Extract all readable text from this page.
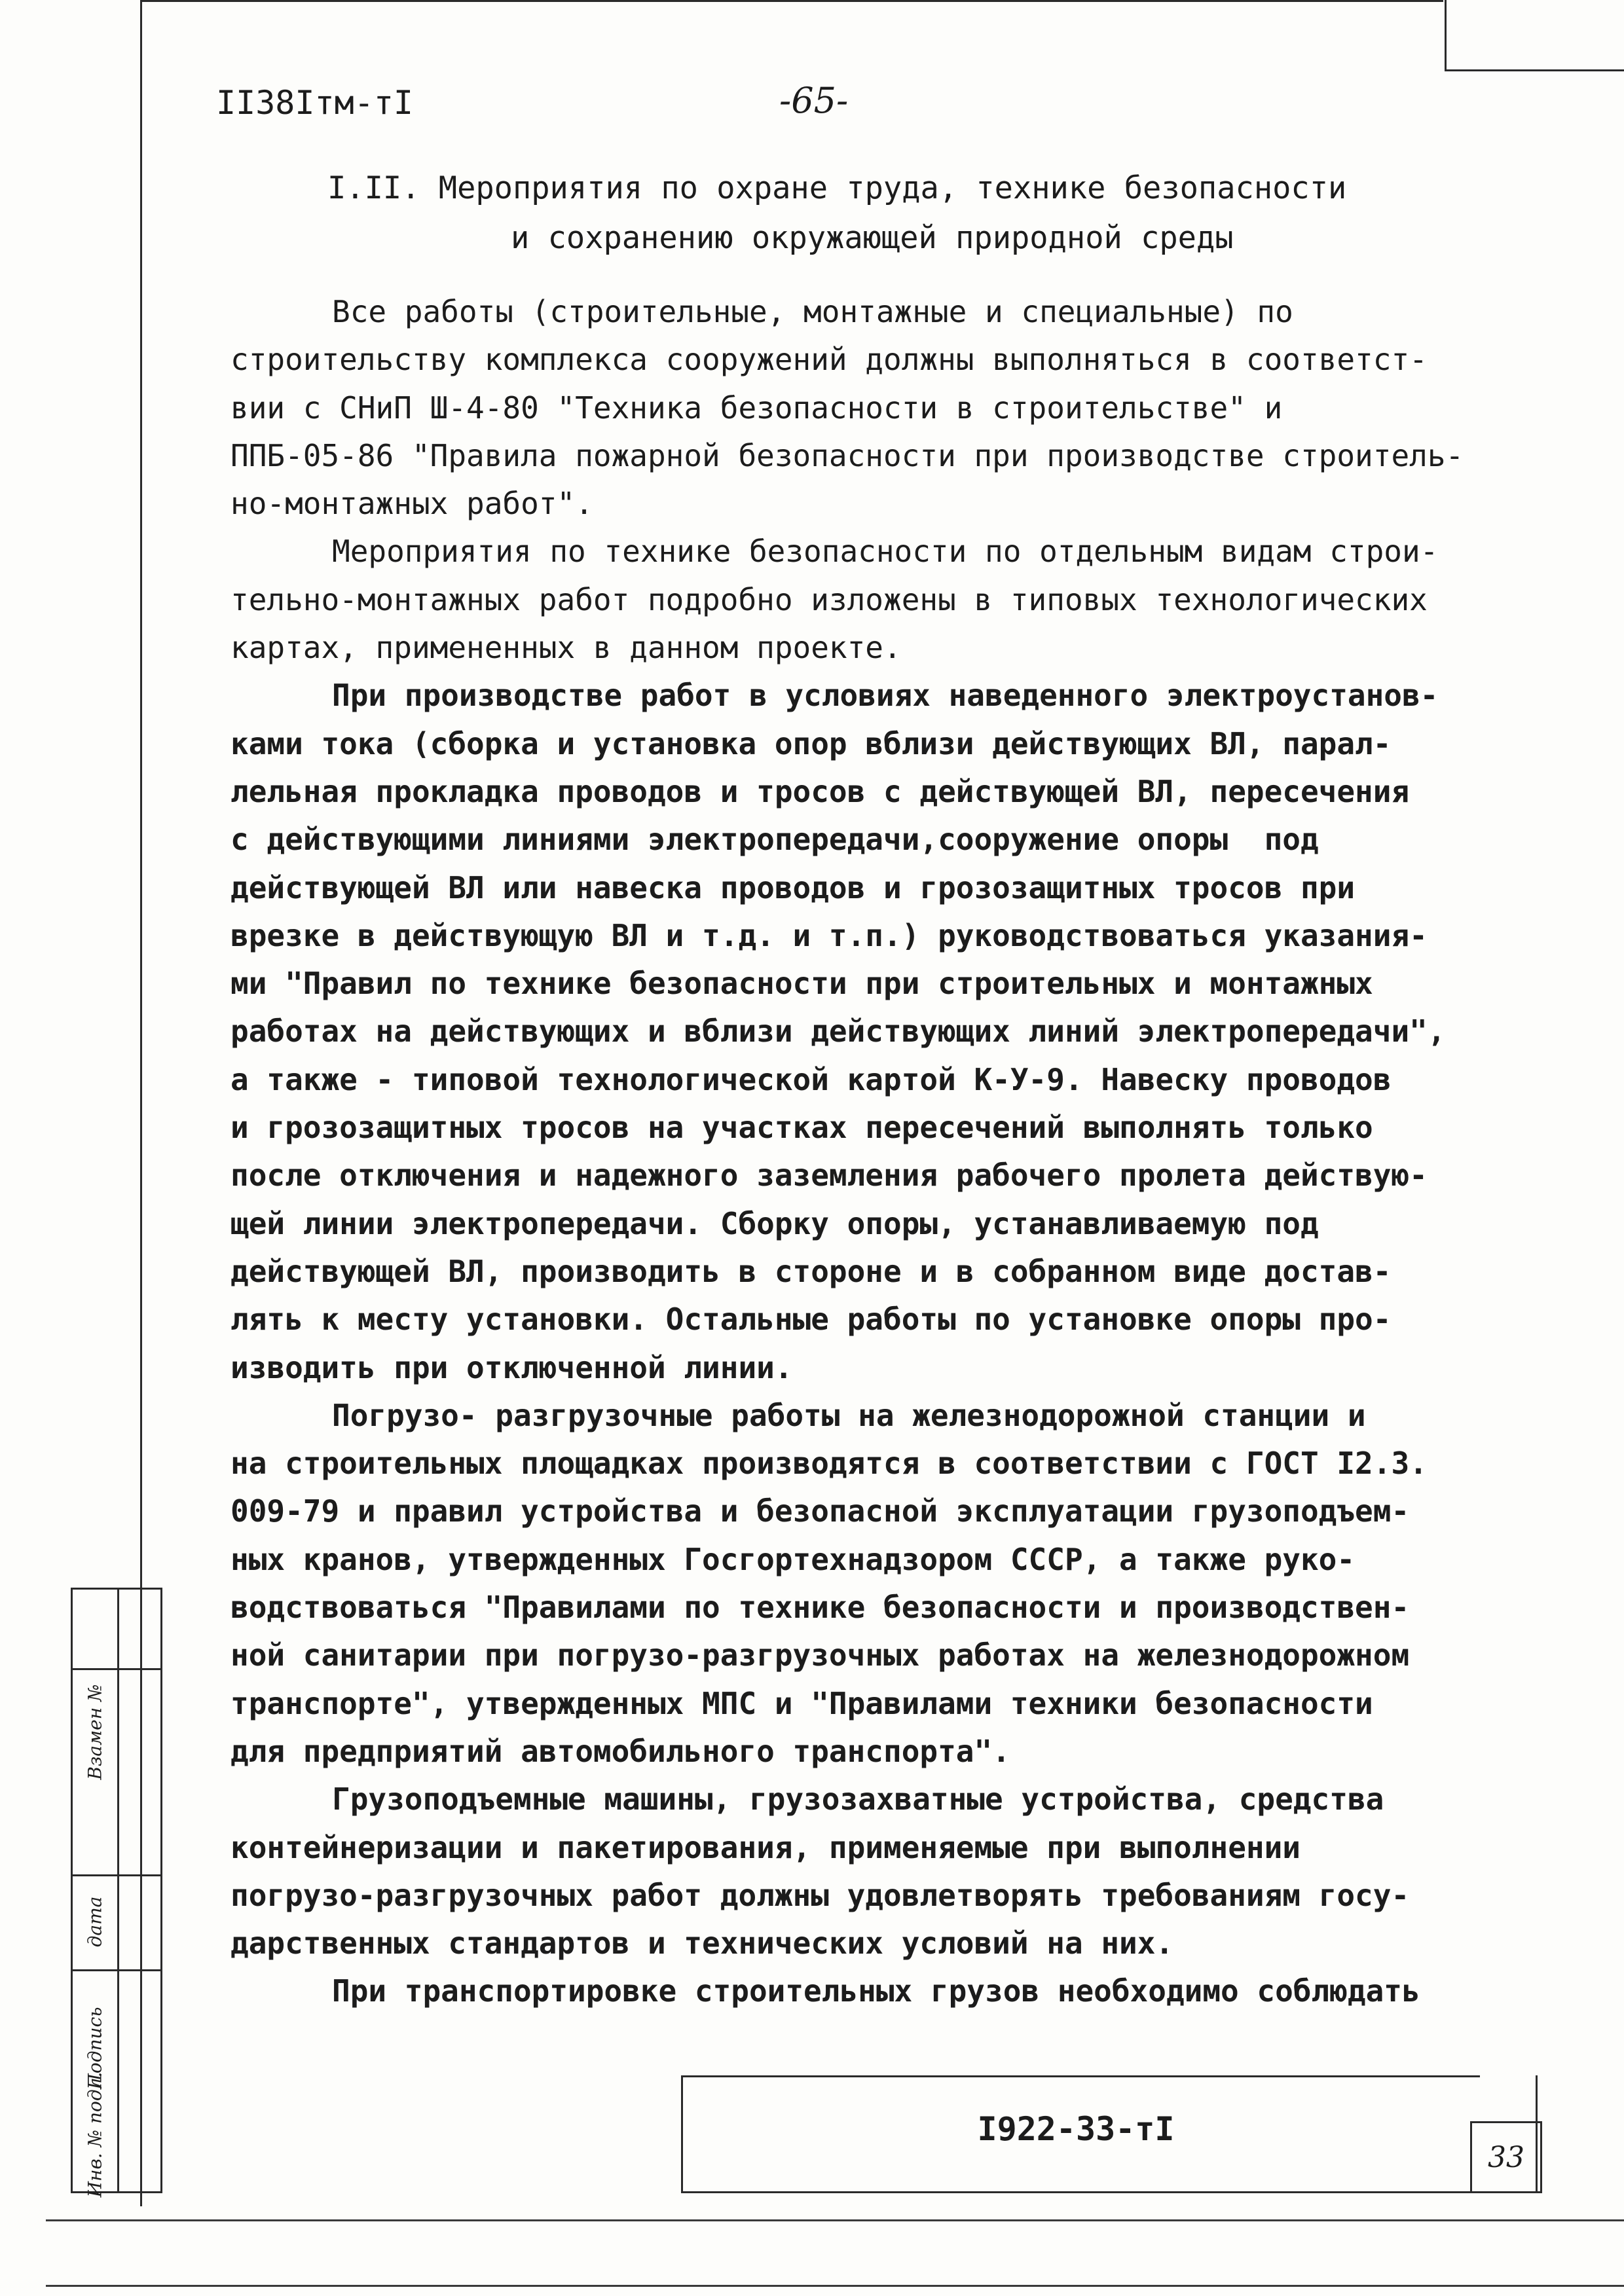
II38Iтм-тI	-65-
I.II. Мероприятия по охране труда, технике безопасности
и сохранению окружающей природной среды
Все работы (строительные, монтажные и специальные) по
строительству комплекса сооружений должны выполняться в соответст-
вии с СНиП Ш-4-80 "Техника безопасности в строительстве" и
ППБ-05-86 "Правила пожарной безопасности при производстве строитель-
но-монтажных работ".
Мероприятия по технике безопасности по отдельным видам строи-
тельно-монтажных работ подробно изложены в типовых технологических
картах, примененных в данном проекте.
При производстве работ в условиях наведенного электроустанов-
ками тока (сборка и установка опор вблизи действующих ВЛ, парал-
лельная прокладка проводов и тросов с действующей ВЛ, пересечения
с действующими линиями электропередачи,сооружение опоры  под
действующей ВЛ или навеска проводов и грозозащитных тросов при
врезке в действующую ВЛ и т.д. и т.п.) руководствоваться указания-
ми "Правил по технике безопасности при строительных и монтажных
работах на действующих и вблизи действующих линий электропередачи",
а также - типовой технологической картой К-У-9. Навеску проводов
и грозозащитных тросов на участках пересечений выполнять только
после отключения и надежного заземления рабочего пролета действую-
щей линии электропередачи. Сборку опоры, устанавливаемую под
действующей ВЛ, производить в стороне и в собранном виде достав-
лять к месту установки. Остальные работы по установке опоры про-
изводить при отключенной линии.
Погрузо- разгрузочные работы на железнодорожной станции и
на строительных площадках производятся в соответствии с ГОСТ I2.3.
009-79 и правил устройства и безопасной эксплуатации грузоподъем-
ных кранов, утвержденных Госгортехнадзором СССР, а также руко-
водствоваться "Правилами по технике безопасности и производствен-
ной санитарии при погрузо-разгрузочных работах на железнодорожном
транспорте", утвержденных МПС и "Правилами техники безопасности
для предприятий автомобильного транспорта".
Грузоподъемные машины, грузозахватные устройства, средства
контейнеризации и пакетирования, применяемые при выполнении
погрузо-разгрузочных работ должны удовлетворять требованиям госу-
дарственных стандартов и технических условий на них.
При транспортировке строительных грузов необходимо соблюдать
Взамен №
дата
Подпись
Инв. № подл.	I922-33-тI
33
